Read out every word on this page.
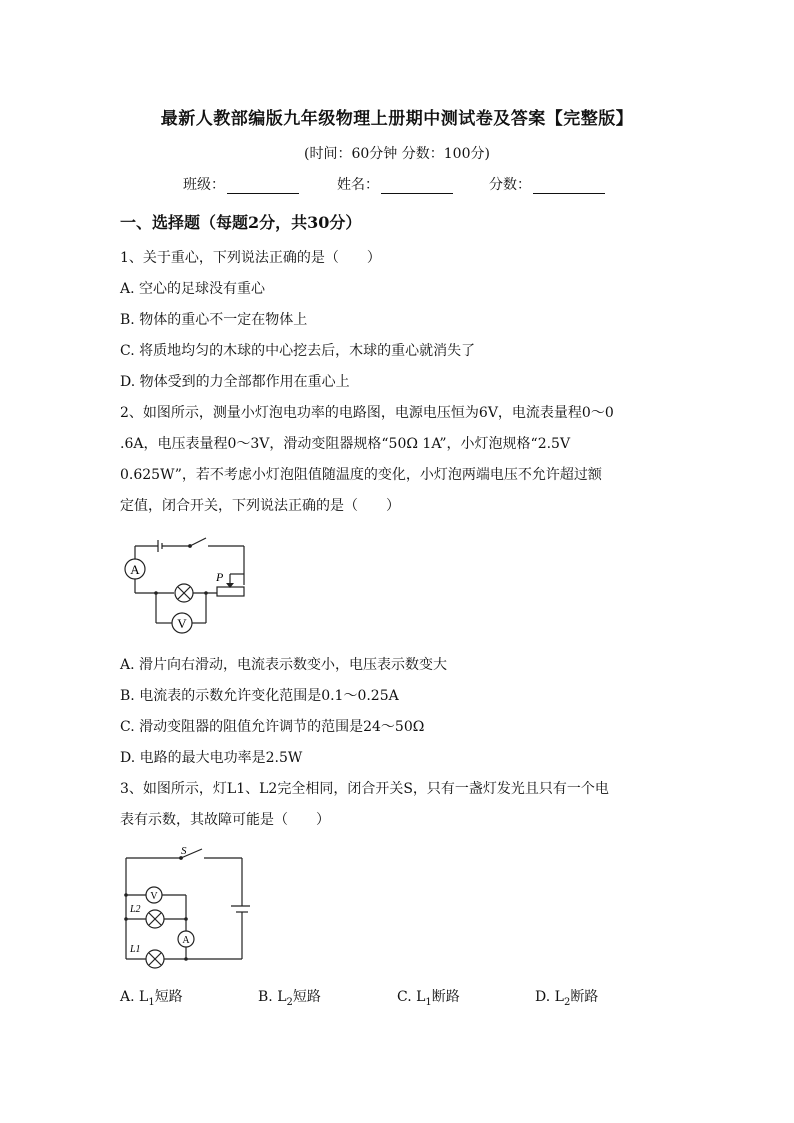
最新人教部编版九年级物理上册期中测试卷及答案【完整版】
(时间：60分钟 分数：100分)
班级：	姓名：	分数：
一、选择题（每题2分，共30分）
1、关于重心，下列说法正确的是（　　）
A. 空心的足球没有重心
B. 物体的重心不一定在物体上
C. 将质地均匀的木球的中心挖去后，木球的重心就消失了
D. 物体受到的力全部都作用在重心上
2、如图所示，测量小灯泡电功率的电路图，电源电压恒为6V，电流表量程0～0
.6A，电压表量程0～3V，滑动变阻器规格“50Ω 1A”，小灯泡规格“2.5V
0.625W”，若不考虑小灯泡阻值随温度的变化，小灯泡两端电压不允许超过额
定值，闭合开关，下列说法正确的是（　　）
A
V
P
A. 滑片向右滑动，电流表示数变小，电压表示数变大
B. 电流表的示数允许变化范围是0.1～0.25A
C. 滑动变阻器的阻值允许调节的范围是24～50Ω
D. 电路的最大电功率是2.5W
3、如图所示，灯L1、L2完全相同，闭合开关S，只有一盏灯发光且只有一个电
表有示数，其故障可能是（　　）
S
V
A
L2
L1
A. $L_1$短路	B. $L_2$短路	C. $L_1$断路	D. $L_2$断路
